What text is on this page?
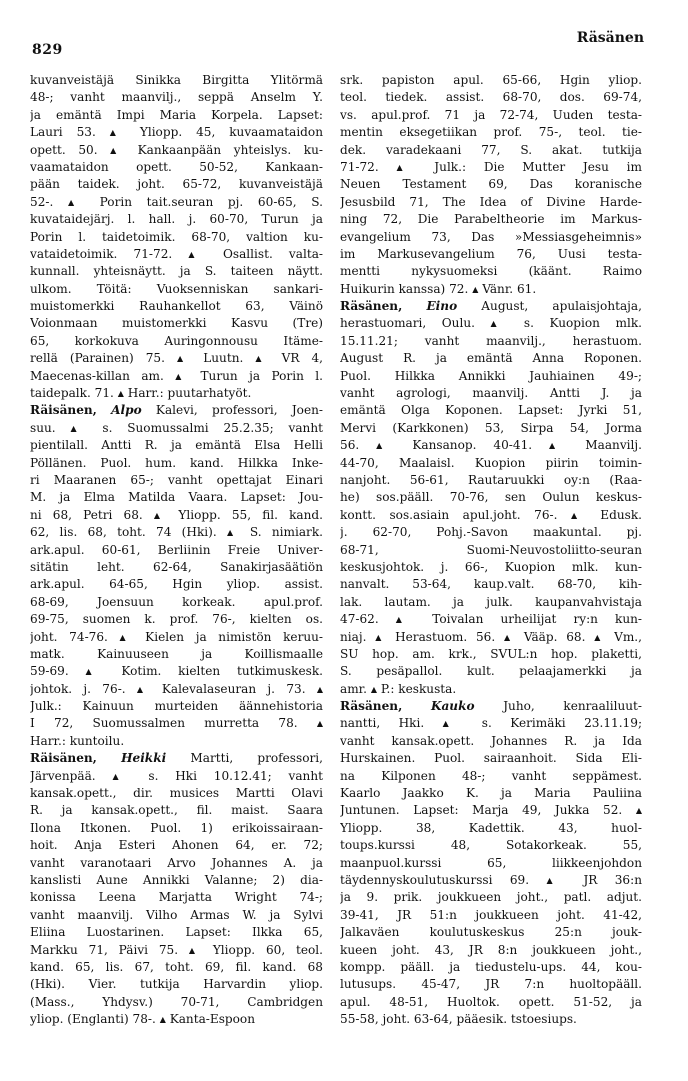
829
Räsänen
kuvanveistäjä Sinikka Birgitta Ylitörmä
48-; vanht maanvilj., seppä Anselm Y.
ja emäntä Impi Maria Korpela. Lapset:
Lauri 53. ▲ Yliopp. 45, kuvaamataidon
opett. 50. ▲ Kankaanpään yhteislys. ku-
vaamataidon opett. 50-52, Kankaan-
pään taidek. joht. 65-72, kuvanveistäjä
52-. ▲ Porin tait.seuran pj. 60-65, S.
kuvataidejärj. l. hall. j. 60-70, Turun ja
Porin l. taidetoimik. 68-70, valtion ku-
vataidetoimik. 71-72. ▲ Osallist. valta-
kunnall. yhteisnäytt. ja S. taiteen näytt.
ulkom. Töitä: Vuoksenniskan sankari-
muistomerkki Rauhankellot 63, Väinö
Voionmaan muistomerkki Kasvu (Tre)
65, korkokuva Auringonnousu Itäme-
rellä (Parainen) 75. ▲ Luutn. ▲ VR 4,
Maecenas-killan am. ▲ Turun ja Porin l.
taidepalk. 71. ▲ Harr.: puutarhatyöt.
Räisänen, Alpo Kalevi, professori, Joen-
suu. ▲ s. Suomussalmi 25.2.35; vanht
pientilall. Antti R. ja emäntä Elsa Helli
Pöllänen. Puol. hum. kand. Hilkka Inke-
ri Maaranen 65-; vanht opettajat Einari
M. ja Elma Matilda Vaara. Lapset: Jou-
ni 68, Petri 68. ▲ Yliopp. 55, fil. kand.
62, lis. 68, toht. 74 (Hki). ▲ S. nimiark.
ark.apul. 60-61, Berliinin Freie Univer-
sitätin leht. 62-64, Sanakirjasäätiön
ark.apul. 64-65, Hgin yliop. assist.
68-69, Joensuun korkeak. apul.prof.
69-75, suomen k. prof. 76-, kielten os.
joht. 74-76. ▲ Kielen ja nimistön keruu-
matk. Kainuuseen ja Koillismaalle
59-69. ▲ Kotim. kielten tutkimuskesk.
johtok. j. 76-. ▲ Kalevalaseuran j. 73. ▲
Julk.: Kainuun murteiden äännehistoria
I 72, Suomussalmen murretta 78. ▲
Harr.: kuntoilu.
Räisänen, Heikki Martti, professori,
Järvenpää. ▲ s. Hki 10.12.41; vanht
kansak.opett., dir. musices Martti Olavi
R. ja kansak.opett., fil. maist. Saara
Ilona Itkonen. Puol. 1) erikoissairaan-
hoit. Anja Esteri Ahonen 64, er. 72;
vanht varanotaari Arvo Johannes A. ja
kanslisti Aune Annikki Valanne; 2) dia-
konissa Leena Marjatta Wright 74-;
vanht maanvilj. Vilho Armas W. ja Sylvi
Eliina Luostarinen. Lapset: Ilkka 65,
Markku 71, Päivi 75. ▲ Yliopp. 60, teol.
kand. 65, lis. 67, toht. 69, fil. kand. 68
(Hki). Vier. tutkija Harvardin yliop.
(Mass., Yhdysv.) 70-71, Cambridgen
yliop. (Englanti) 78-. ▲ Kanta-Espoon
srk. papiston apul. 65-66, Hgin yliop.
teol. tiedek. assist. 68-70, dos. 69-74,
vs. apul.prof. 71 ja 72-74, Uuden testa-
mentin eksegetiikan prof. 75-, teol. tie-
dek. varadekaani 77, S. akat. tutkija
71-72. ▲ Julk.: Die Mutter Jesu im
Neuen Testament 69, Das koranische
Jesusbild 71, The Idea of Divine Harde-
ning 72, Die Parabeltheorie im Markus-
evangelium 73, Das »Messiasgeheimnis»
im Markusevangelium 76, Uusi testa-
mentti nykysuomeksi (käänt. Raimo
Huikurin kanssa) 72. ▲ Vänr. 61.
Räsänen, Eino August, apulaisjohtaja,
herastuomari, Oulu. ▲ s. Kuopion mlk.
15.11.21; vanht maanvilj., herastuom.
August R. ja emäntä Anna Roponen.
Puol. Hilkka Annikki Jauhiainen 49-;
vanht agrologi, maanvilj. Antti J. ja
emäntä Olga Koponen. Lapset: Jyrki 51,
Mervi (Karkkonen) 53, Sirpa 54, Jorma
56. ▲ Kansanop. 40-41. ▲ Maanvilj.
44-70, Maalaisl. Kuopion piirin toimin-
nanjoht. 56-61, Rautaruukki oy:n (Raa-
he) sos.pääll. 70-76, sen Oulun keskus-
kontt. sos.asiain apul.joht. 76-. ▲ Edusk.
j. 62-70, Pohj.-Savon maakuntal. pj.
68-71, Suomi-Neuvostoliitto-seuran
keskusjohtok. j. 66-, Kuopion mlk. kun-
nanvalt. 53-64, kaup.valt. 68-70, kih-
lak. lautam. ja julk. kaupanvahvistaja
47-62. ▲ Toivalan urheilijat ry:n kun-
niaj. ▲ Herastuom. 56. ▲ Vääp. 68. ▲ Vm.,
SU hop. am. krk., SVUL:n hop. plaketti,
S. pesäpallol. kult. pelaajamerkki ja
amr. ▲ P.: keskusta.
Räsänen, Kauko Juho, kenraaliluut-
nantti, Hki. ▲ s. Kerimäki 23.11.19;
vanht kansak.opett. Johannes R. ja Ida
Hurskainen. Puol. sairaanhoit. Sida Eli-
na Kilponen 48-; vanht seppämest.
Kaarlo Jaakko K. ja Maria Pauliina
Juntunen. Lapset: Marja 49, Jukka 52. ▲
Yliopp. 38, Kadettik. 43, huol-
toups.kurssi 48, Sotakorkeak. 55,
maanpuol.kurssi 65, liikkeenjohdon
täydennyskoulutuskurssi 69. ▲ JR 36:n
ja 9. prik. joukkueen joht., patl. adjut.
39-41, JR 51:n joukkueen joht. 41-42,
Jalkaväen koulutuskeskus 25:n jouk-
kueen joht. 43, JR 8:n joukkueen joht.,
kompp. pääll. ja tiedustelu-ups. 44, kou-
lutusups. 45-47, JR 7:n huoltopääll.
apul. 48-51, Huoltok. opett. 51-52, ja
55-58, joht. 63-64, pääesik. tstoesiups.
